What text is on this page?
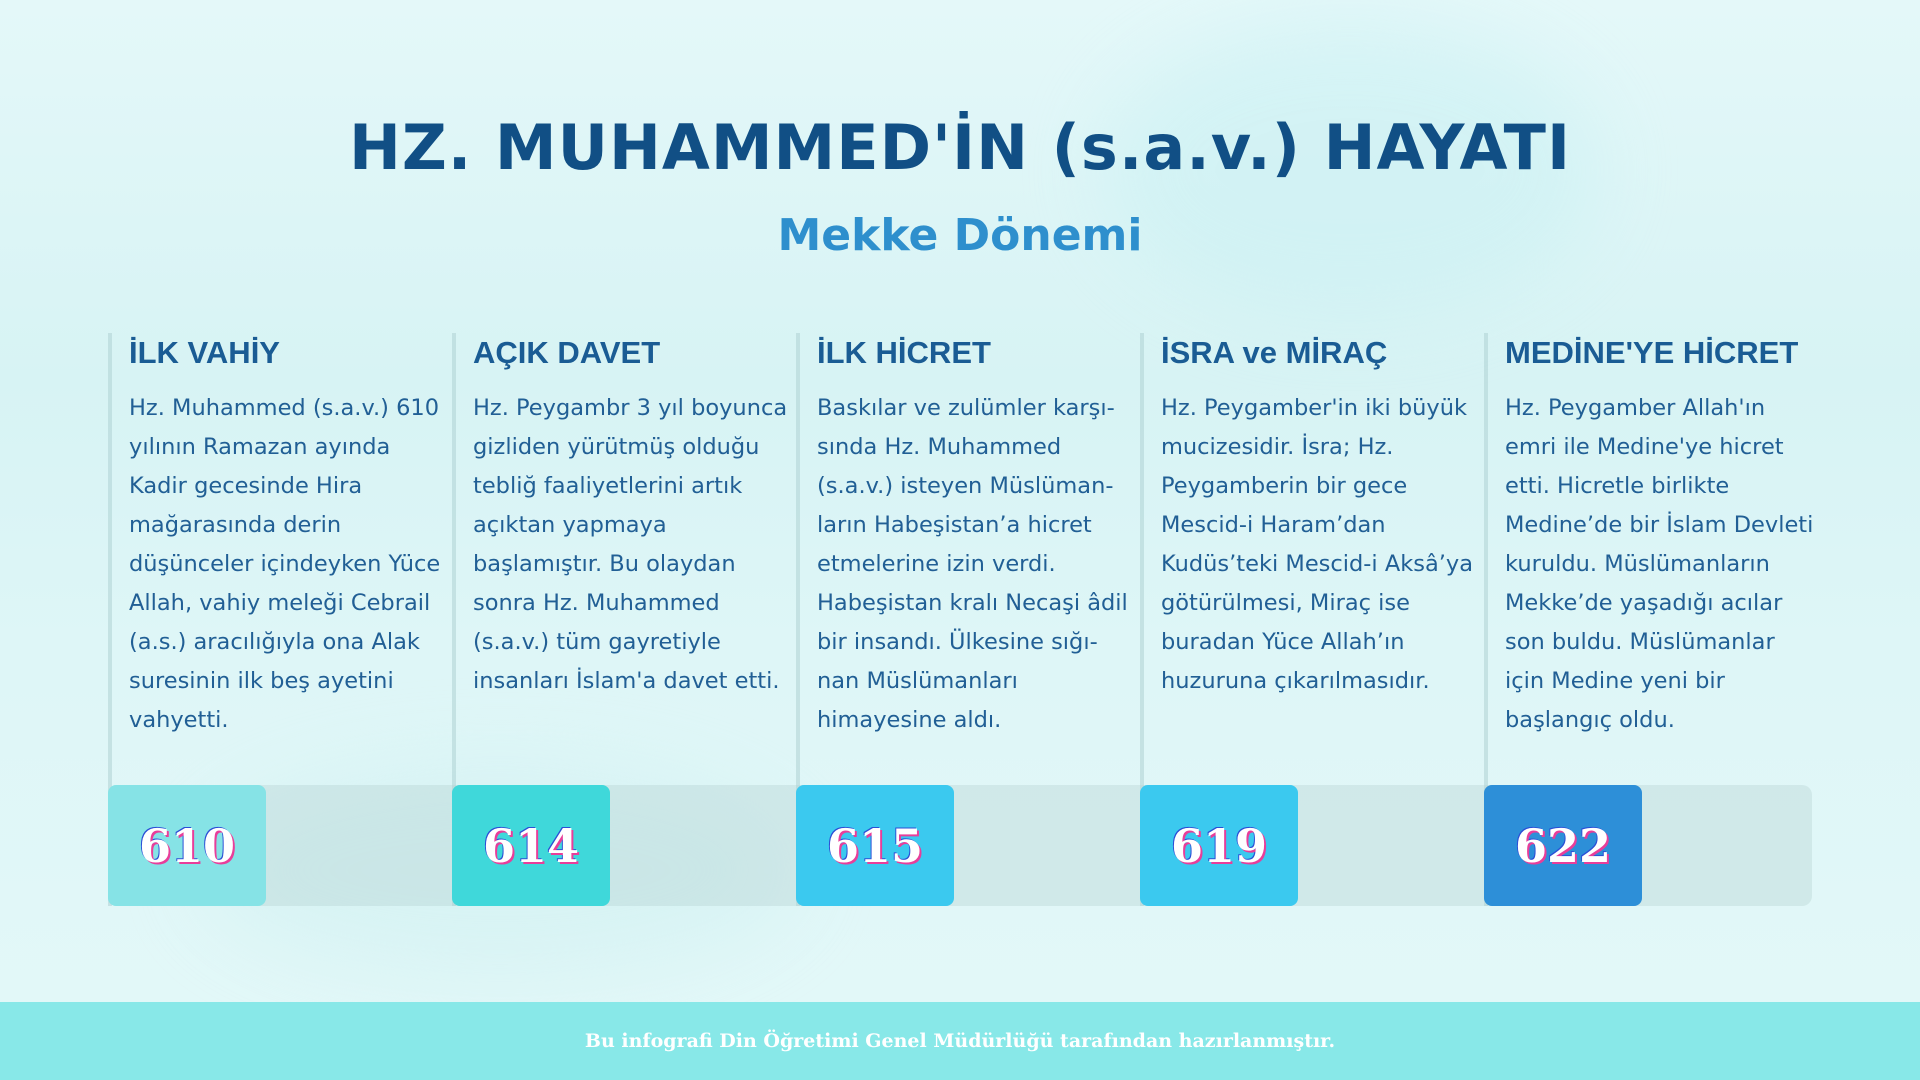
HZ. MUHAMMED'İN (s.a.v.) HAYATI
Mekke Dönemi
İLK VAHİY

Hz. Muhammed (s.a.v.) 610 yılının Ramazan ayında Kadir gecesinde Hira mağarasında derin düşünceler içindeyken Yüce Allah, vahiy meleği Cebrail (a.s.) aracılığıyla ona Alak suresinin ilk beş ayetini vahyetti.

610
AÇIK DAVET

Hz. Peygambr 3 yıl boyunca gizliden yürütmüş olduğu tebliğ faaliyetlerini artık açıktan yapmaya başlamıştır. Bu olaydan sonra Hz. Muhammed (s.a.v.) tüm gayretiyle insanları İslam'a davet etti.

614
İLK HİCRET

Baskılar ve zulümler karşı-sında Hz. Muhammed (s.a.v.) isteyen Müslüman-ların Habeşistan’a hicret etmelerine izin verdi. Habeşistan kralı Necaşi âdil bir insandı. Ülkesine sığı- nan Müslümanları himayesine aldı.

615
İSRA ve MİRAÇ

Hz. Peygamber'in iki büyük mucizesidir. İsra; Hz. Peygamberin bir gece Mescid-i Haram’dan Kudüs’teki Mescid-i Aksâ’ya götürülmesi, Miraç ise buradan Yüce Allah’ın huzuruna çıkarılmasıdır.

619
MEDİNE'YE HİCRET

Hz. Peygamber Allah'ın emri ile Medine'ye hicret etti. Hicretle birlikte Medine’de bir İslam Devleti kuruldu. Müslümanların Mekke’de yaşadığı acılar son buldu. Müslümanlar için Medine yeni bir başlangıç oldu.

622
Bu infografi Din Öğretimi Genel Müdürlüğü tarafından hazırlanmıştır.
